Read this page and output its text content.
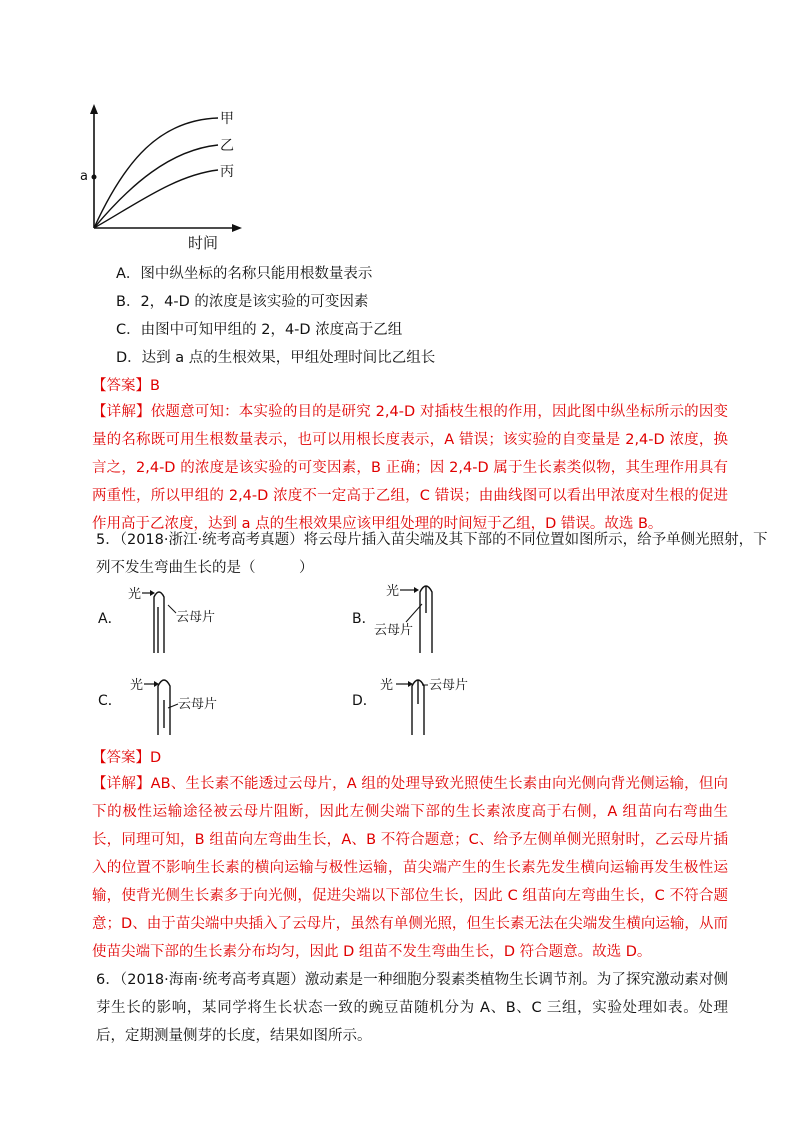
甲
乙
丙
a
时间
A．图中纵坐标的名称只能用根数量表示
B．2，4-D 的浓度是该实验的可变因素
C．由图中可知甲组的 2，4-D 浓度高于乙组
D．达到 a 点的生根效果，甲组处理时间比乙组长
【答案】B
【详解】依题意可知：本实验的目的是研究 2,4-D 对插枝生根的作用，因此图中纵坐标所示的因变量的名称既可用生根数量表示，也可以用根长度表示，A 错误；该实验的自变量是 2,4-D 浓度，换言之，2,4-D 的浓度是该实验的可变因素，B 正确；因 2,4-D 属于生长素类似物，其生理作用具有两重性，所以甲组的 2,4-D 浓度不一定高于乙组，C 错误；由曲线图可以看出甲浓度对生根的促进作用高于乙浓度，达到 a 点的生根效果应该甲组处理的时间短于乙组，D 错误。故选 B。
5．（2018·浙江·统考高考真题）将云母片插入苗尖端及其下部的不同位置如图所示，给予单侧光照射，下
列不发生弯曲生长的是（　　　）
A．
光
云母片	B．
光
云母片
C．
光
云母片	D．
光	云母片
【答案】D
【详解】AB、生长素不能透过云母片，A 组的处理导致光照使生长素由向光侧向背光侧运输，但向下的极性运输途径被云母片阻断，因此左侧尖端下部的生长素浓度高于右侧，A 组苗向右弯曲生长，同理可知，B 组苗向左弯曲生长，A、B 不符合题意；C、给予左侧单侧光照射时，乙云母片插入的位置不影响生长素的横向运输与极性运输，苗尖端产生的生长素先发生横向运输再发生极性运输，使背光侧生长素多于向光侧，促进尖端以下部位生长，因此 C 组苗向左弯曲生长，C 不符合题意；D、由于苗尖端中央插入了云母片，虽然有单侧光照，但生长素无法在尖端发生横向运输，从而使苗尖端下部的生长素分布均匀，因此 D 组苗不发生弯曲生长，D 符合题意。故选 D。
6．（2018·海南·统考高考真题）激动素是一种细胞分裂素类植物生长调节剂。为了探究激动素对侧芽生长的影响，某同学将生长状态一致的豌豆苗随机分为 A、B、C 三组，实验处理如表。处理后，定期测量侧芽的长度，结果如图所示。
